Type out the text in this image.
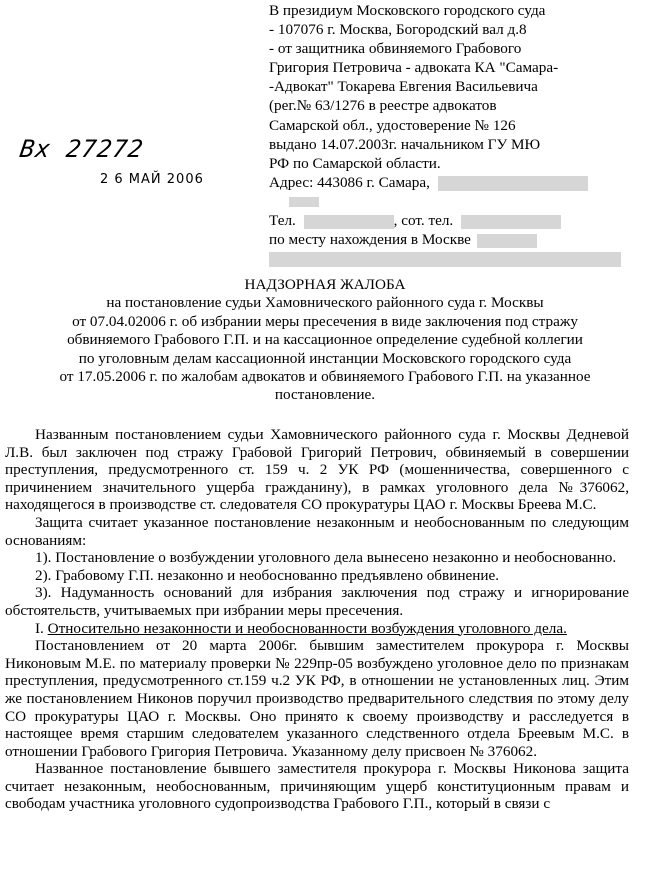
В президиум Московского городского суда
- 107076 г. Москва, Богородский вал д.8
- от защитника обвиняемого Грабового
Григория Петровича - адвоката КА "Самара-
-Адвокат" Токарева Евгения Васильевича
(рег.№ 63/1276 в реестре адвокатов
Самарской обл., удостоверение № 126
выдано 14.07.2003г. начальником ГУ МЮ
РФ по Самарской области.
Адрес: 443086 г. Самара,
Тел.	, сот. тел.
по месту нахождения в Москве
Вх 27272
2 6 МАЙ 2006
НАДЗОРНАЯ ЖАЛОБА
на постановление судьи Хамовнического районного суда г. Москвы
от 07.04.02006 г. об избрании меры пресечения в виде заключения под стражу
обвиняемого Грабового Г.П. и на кассационное определение судебной коллегии
по уголовным делам кассационной инстанции Московского городского суда
от 17.05.2006 г. по жалобам адвокатов и обвиняемого Грабового Г.П. на указанное
постановление.

Названным постановлением судьи Хамовнического районного суда г. Москвы Дедневой Л.В. был заключен под стражу Грабовой Григорий Петрович, обвиняемый в совершении преступления, предусмотренного ст. 159 ч. 2 УК РФ (мошенничества, совершенного с причинением значительного ущерба гражданину), в рамках уголовного дела №376062, находящегося в производстве ст. следователя СО прокуратуры ЦАО г. Москвы Бреева М.С.

Защита считает указанное постановление незаконным и необоснованным по следующим основаниям:

1). Постановление о возбуждении уголовного дела вынесено незаконно и необоснованно.

2). Грабовому Г.П. незаконно и необоснованно предъявлено обвинение.

3). Надуманность оснований для избрания заключения под стражу и игнорирование обстоятельств, учитываемых при избрании меры пресечения.

I. Относительно незаконности и необоснованности возбуждения уголовного дела.

Постановлением от 20 марта 2006г. бывшим заместителем прокурора г. Москвы Никоновым М.Е. по материалу проверки № 229пр-05 возбуждено уголовное дело по признакам преступления, предусмотренного ст.159 ч.2 УК РФ, в отношении не установленных лиц. Этим же постановлением Никонов поручил производство предварительного следствия по этому делу СО прокуратуры ЦАО г. Москвы. Оно принято к своему производству и расследуется в настоящее время старшим следователем указанного следственного отдела Бреевым М.С. в отношении Грабового Григория Петровича. Указанному делу присвоен № 376062.

Названное постановление бывшего заместителя прокурора г. Москвы Никонова защита считает незаконным, необоснованным, причиняющим ущерб конституционным правам и свободам участника уголовного судопроизводства Грабового Г.П., который в связи с
